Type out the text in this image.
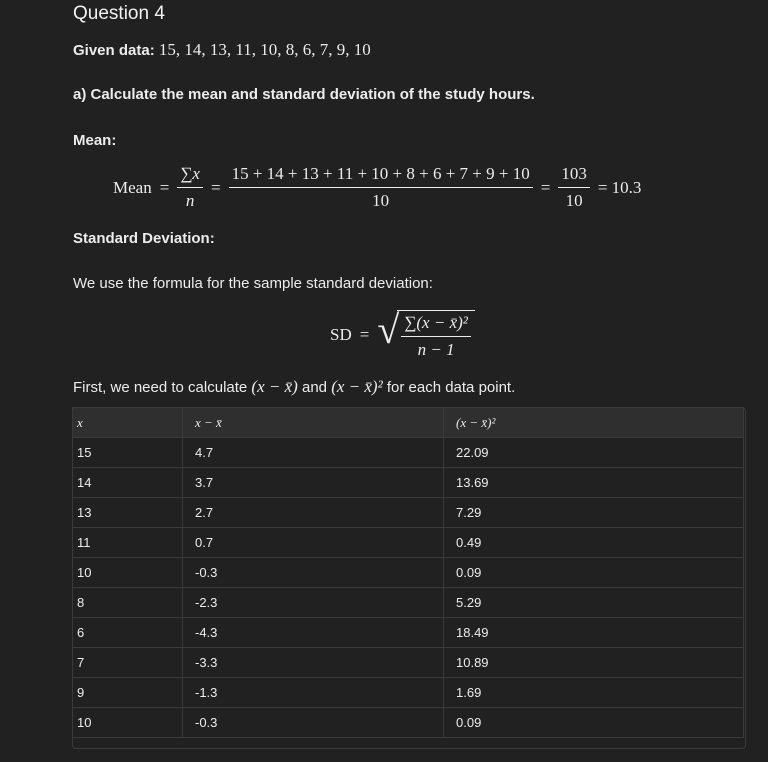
Question 4
Given data: 15, 14, 13, 11, 10, 8, 6, 7, 9, 10
a) Calculate the mean and standard deviation of the study hours.
Mean:
Mean = $\frac{\sum x}{n} = \frac{15 + 14 + 13 + 11 + 10 + 8 + 6 + 7 + 9 + 10}{10} = \frac{103}{10} = 10.3$
Standard Deviation:
We use the formula for the sample standard deviation:
SD = √ $\frac{\text{∑(x − x̄)²}}{n - 1}$
First, we need to calculate (x − x̄) and (x − x̄)² for each data point.
x	x − x̄	(x − x̄)²
15	4.7	22.09
14	3.7	13.69
13	2.7	7.29
11	0.7	0.49
10	-0.3	0.09
8	-2.3	5.29
6	-4.3	18.49
7	-3.3	10.89
9	-1.3	1.69
10	-0.3	0.09
